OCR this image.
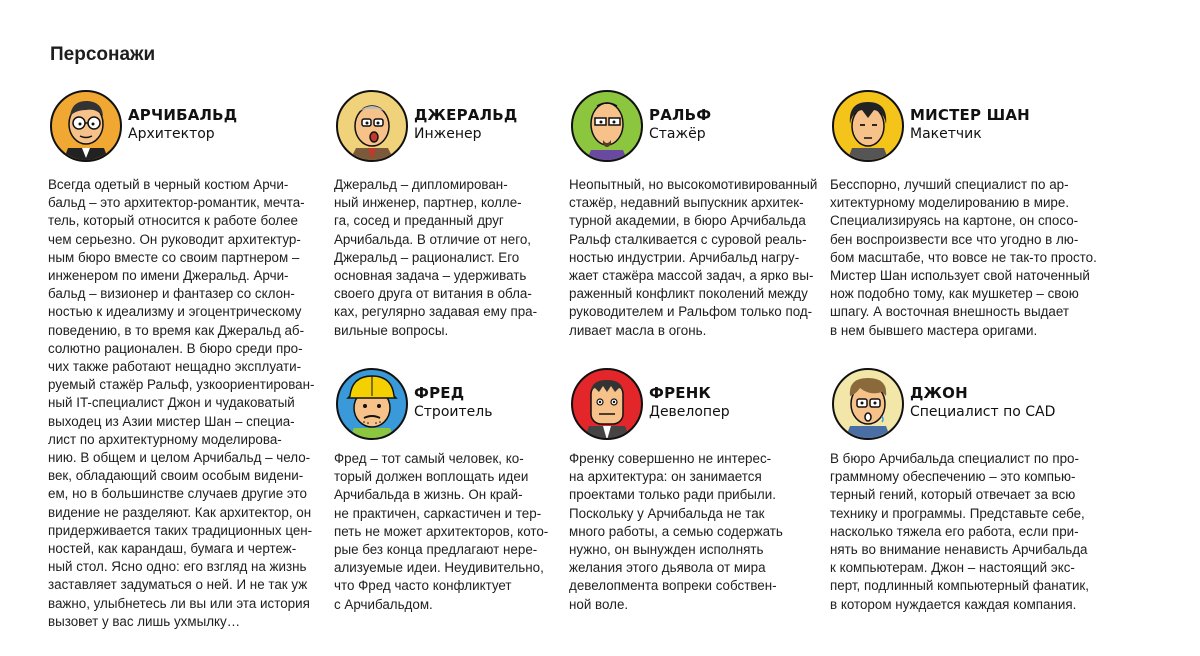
Персонажи
АРЧИБАЛЬД
Архитектор
Всегда одетый в черный костюм Арчи-
бальд – это архитектор-романтик, мечта-
тель, который относится к работе более
чем серьезно. Он руководит архитектур-
ным бюро вместе со своим партнером –
инженером по имени Джеральд. Арчи-
бальд – визионер и фантазер со склон-
ностью к идеализму и эгоцентрическому
поведению, в то время как Джеральд аб-
солютно рационален. В бюро среди про-
чих также работают нещадно эксплуати-
руемый стажёр Ральф, узкоориентирован-
ный IT-специалист Джон и чудаковатый
выходец из Азии мистер Шан – специа-
лист по архитектурному моделирова-
нию. В общем и целом Арчибальд – чело-
век, обладающий своим особым видени-
ем, но в большинстве случаев другие это
видение не разделяют. Как архитектор, он
придерживается таких традиционных цен-
ностей, как карандаш, бумага и чертеж-
ный стол. Ясно одно: его взгляд на жизнь
заставляет задуматься о ней. И не так уж
важно, улыбнетесь ли вы или эта история
вызовет у вас лишь ухмылку…
ДЖЕРАЛЬД
Инженер
Джеральд – дипломирован-
ный инженер, партнер, колле-
га, сосед и преданный друг
Арчибальда. В отличие от него,
Джеральд – рационалист. Его
основная задача – удерживать
своего друга от витания в обла-
ках, регулярно задавая ему пра-
вильные вопросы.
РАЛЬФ
Стажёр
Неопытный, но высокомотивированный
стажёр, недавний выпускник архитек-
турной академии, в бюро Арчибальда
Ральф сталкивается с суровой реаль-
ностью индустрии. Арчибальд нагру-
жает стажёра массой задач, а ярко вы-
раженный конфликт поколений между
руководителем и Ральфом только под-
ливает масла в огонь.
МИСТЕР ШАН
Макетчик
Бесспорно, лучший специалист по ар-
хитектурному моделированию в мире.
Специализируясь на картоне, он спосо-
бен воспроизвести все что угодно в лю-
бом масштабе, что вовсе не так-то просто.
Мистер Шан использует свой наточенный
нож подобно тому, как мушкетер – свою
шпагу. А восточная внешность выдает
в нем бывшего мастера оригами.
ФРЕД
Строитель
Фред – тот самый человек, ко-
торый должен воплощать идеи
Арчибальда в жизнь. Он край-
не практичен, саркастичен и тер-
петь не может архитекторов, кото-
рые без конца предлагают нере-
ализуемые идеи. Неудивительно,
что Фред часто конфликтует
с Арчибальдом.
ФРЕНК
Девелопер
Френку совершенно не интерес-
на архитектура: он занимается
проектами только ради прибыли.
Поскольку у Арчибальда не так
много работы, а семью содержать
нужно, он вынужден исполнять
желания этого дьявола от мира
девелопмента вопреки собствен-
ной воле.
ДЖОН
Специалист по CAD
В бюро Арчибальда специалист по про-
граммному обеспечению – это компью-
терный гений, который отвечает за всю
технику и программы. Представьте себе,
насколько тяжела его работа, если при-
нять во внимание ненависть Арчибальда
к компьютерам. Джон – настоящий экс-
перт, подлинный компьютерный фанатик,
в котором нуждается каждая компания.
